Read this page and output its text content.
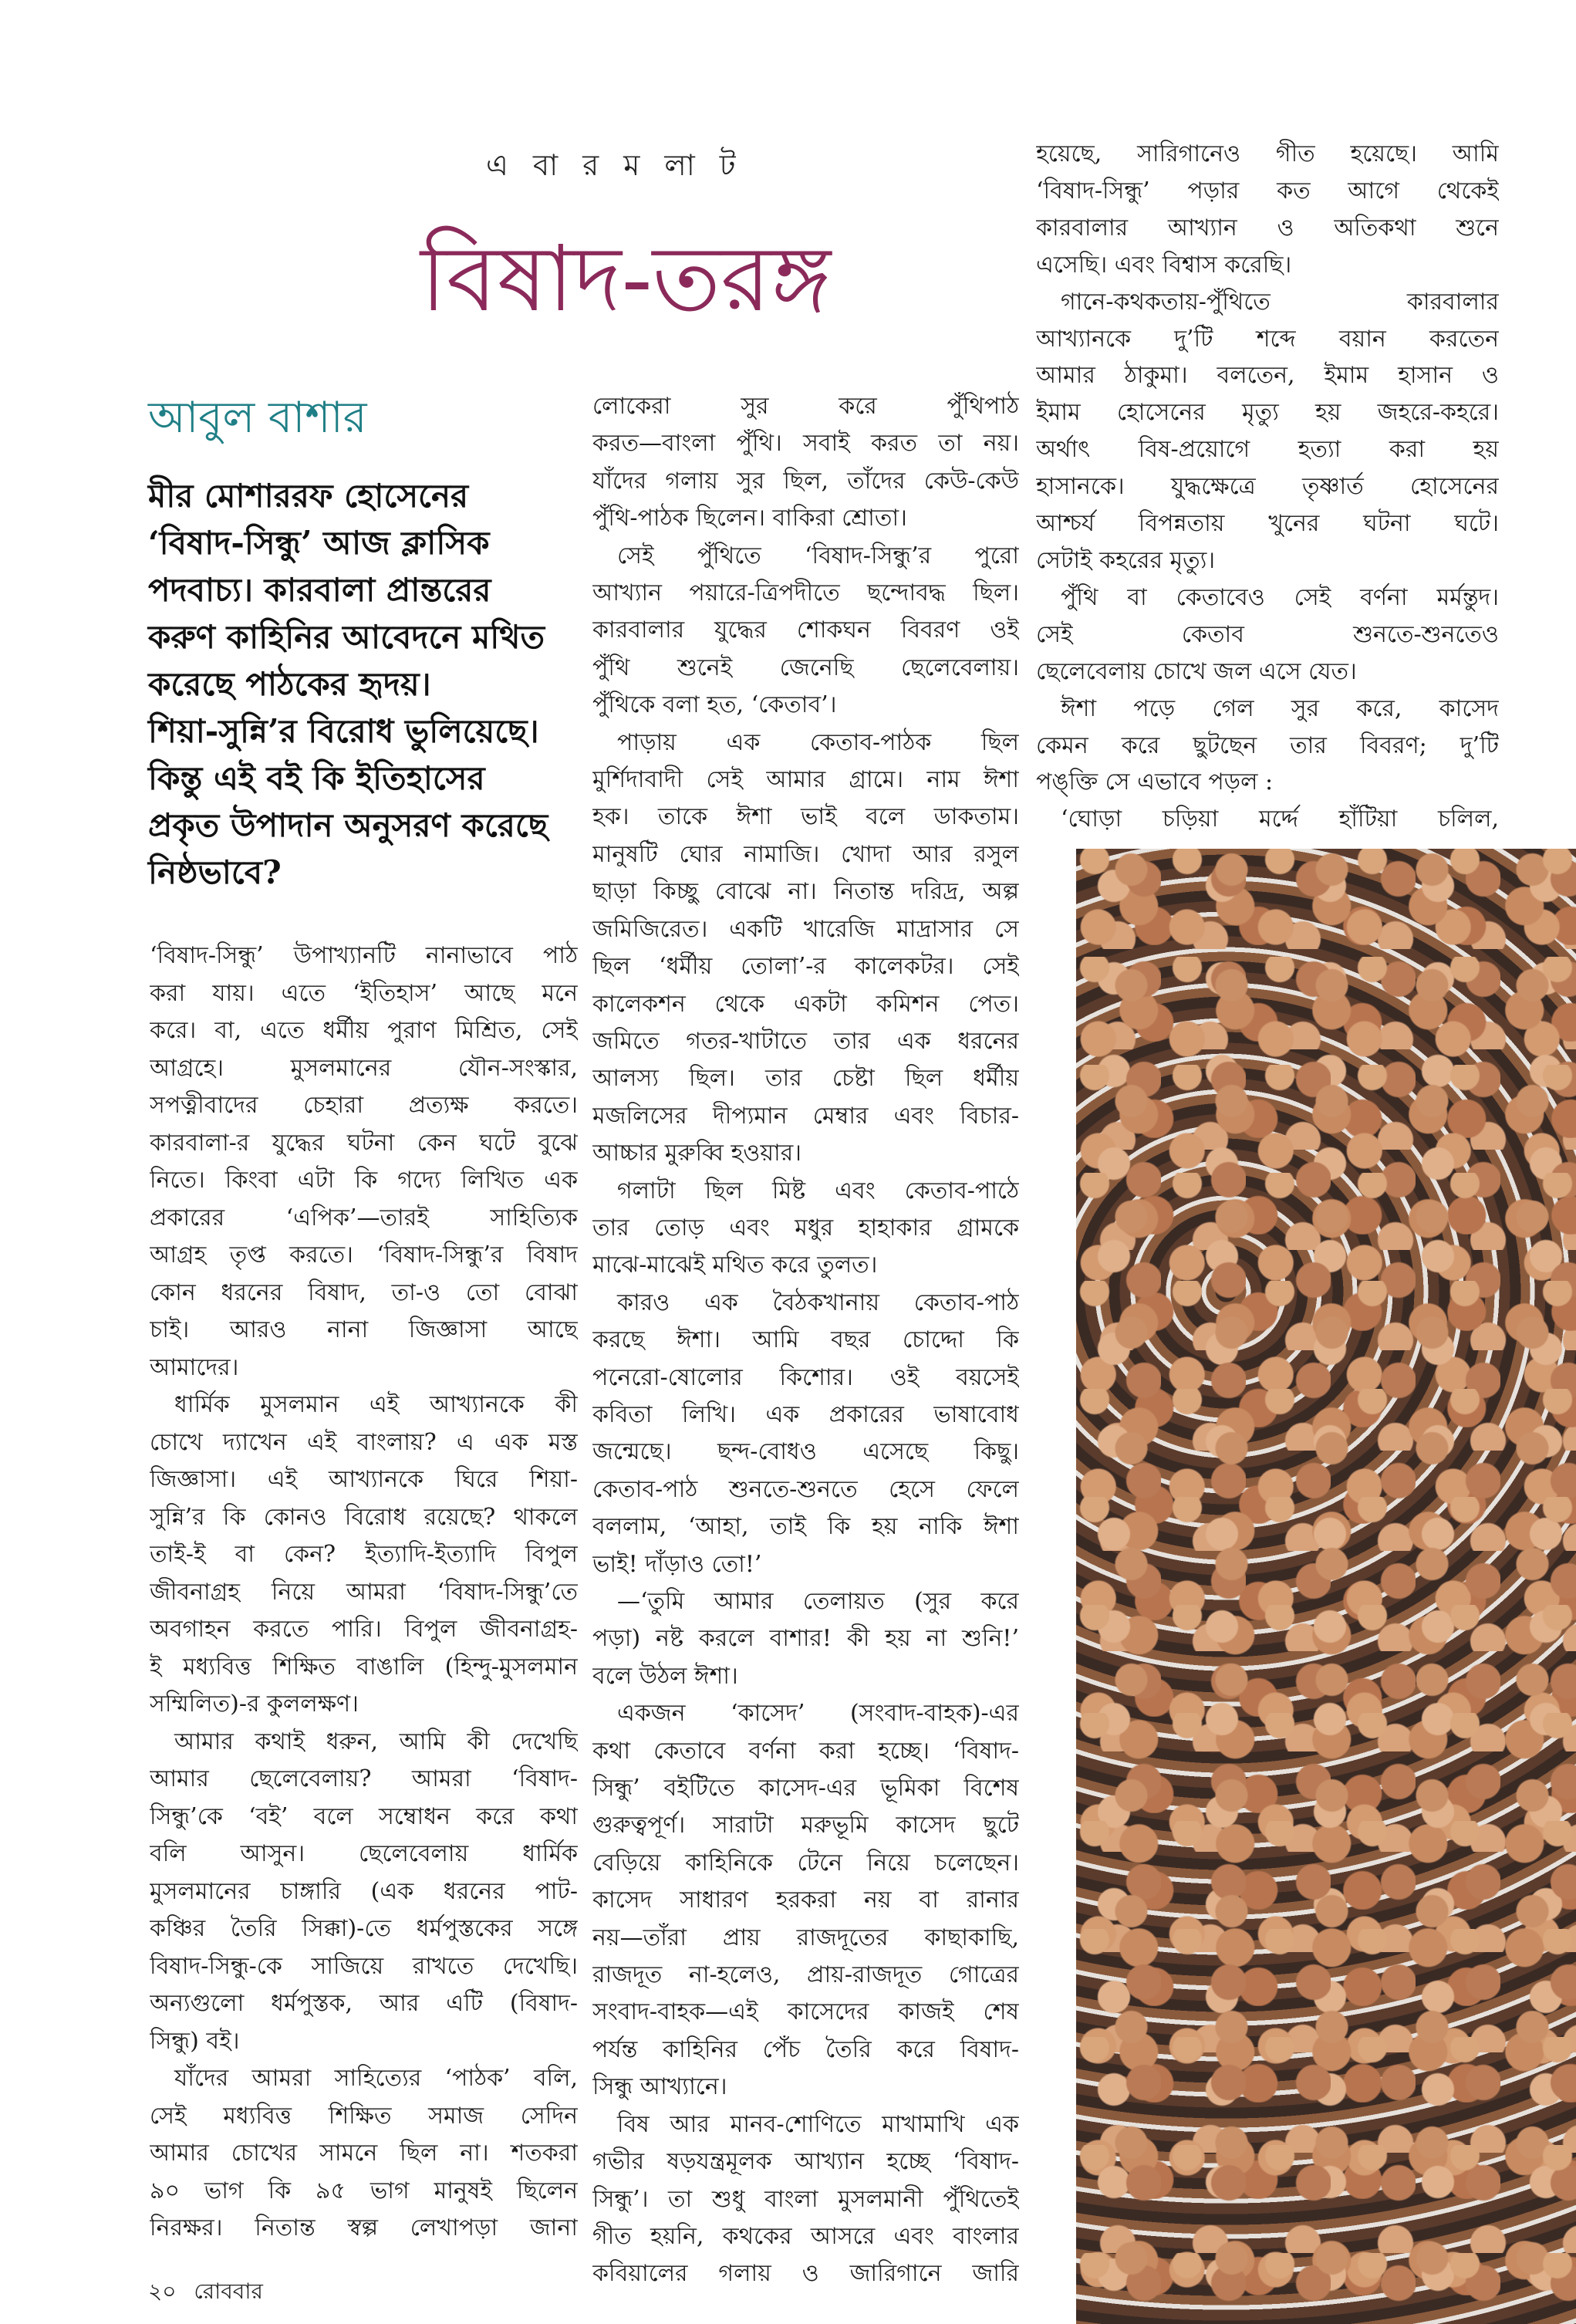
এ বা র ম লা ট
বিষাদ-তরঙ্গ
আবুল বাশার
মীর মোশাররফ হোসেনের
‘বিষাদ-সিন্ধু’ আজ ক্লাসিক
পদবাচ্য। কারবালা প্রান্তরের
করুণ কাহিনির আবেদনে মথিত
করেছে পাঠকের হৃদয়।
শিয়া-সুন্নি’র বিরোধ ভুলিয়েছে।
কিন্তু এই বই কি ইতিহাসের
প্রকৃত উপাদান অনুসরণ করেছে
নিষ্ঠভাবে?
‘বিষাদ-সিন্ধু’ উপাখ্যানটি নানাভাবে পাঠ
করা যায়। এতে ‘ইতিহাস’ আছে মনে
করে। বা, এতে ধর্মীয় পুরাণ মিশ্রিত, সেই
আগ্রহে। মুসলমানের যৌন-সংস্কার,
সপত্নীবাদের চেহারা প্রত্যক্ষ করতে।
কারবালা-র যুদ্ধের ঘটনা কেন ঘটে বুঝে
নিতে। কিংবা এটা কি গদ্যে লিখিত এক
প্রকারের ‘এপিক’—তারই সাহিত্যিক
আগ্রহ তৃপ্ত করতে। ‘বিষাদ-সিন্ধু’র বিষাদ
কোন ধরনের বিষাদ, তা-ও তো বোঝা
চাই। আরও নানা জিজ্ঞাসা আছে
আমাদের।
ধার্মিক মুসলমান এই আখ্যানকে কী
চোখে দ্যাখেন এই বাংলায়? এ এক মস্ত
জিজ্ঞাসা। এই আখ্যানকে ঘিরে শিয়া-
সুন্নি’র কি কোনও বিরোধ রয়েছে? থাকলে
তাই-ই বা কেন? ইত্যাদি-ইত্যাদি বিপুল
জীবনাগ্রহ নিয়ে আমরা ‘বিষাদ-সিন্ধু’তে
অবগাহন করতে পারি। বিপুল জীবনাগ্রহ-
ই মধ্যবিত্ত শিক্ষিত বাঙালি (হিন্দু-মুসলমান
সম্মিলিত)-র কুললক্ষণ।
আমার কথাই ধরুন, আমি কী দেখেছি
আমার ছেলেবেলায়? আমরা ‘বিষাদ-
সিন্ধু’কে ‘বই’ বলে সম্বোধন করে কথা
বলি আসুন। ছেলেবেলায় ধার্মিক
মুসলমানের চাঙ্গারি (এক ধরনের পাট-
কঞ্চির তৈরি সিক্কা)-তে ধর্মপুস্তকের সঙ্গে
বিষাদ-সিন্ধু-কে সাজিয়ে রাখতে দেখেছি।
অন্যগুলো ধর্মপুস্তক, আর এটি (বিষাদ-
সিন্ধু) বই।
যাঁদের আমরা সাহিত্যের ‘পাঠক’ বলি,
সেই মধ্যবিত্ত শিক্ষিত সমাজ সেদিন
আমার চোখের সামনে ছিল না। শতকরা
৯০ ভাগ কি ৯৫ ভাগ মানুষই ছিলেন
নিরক্ষর। নিতান্ত স্বল্প লেখাপড়া জানা
লোকেরা সুর করে পুঁথিপাঠ
করত—বাংলা পুঁথি। সবাই করত তা নয়।
যাঁদের গলায় সুর ছিল, তাঁদের কেউ-কেউ
পুঁথি-পাঠক ছিলেন। বাকিরা শ্রোতা।
সেই পুঁথিতে ‘বিষাদ-সিন্ধু’র পুরো
আখ্যান পয়ারে-ত্রিপদীতে ছন্দোবদ্ধ ছিল।
কারবালার যুদ্ধের শোকঘন বিবরণ ওই
পুঁথি শুনেই জেনেছি ছেলেবেলায়।
পুঁথিকে বলা হত, ‘কেতাব’।
পাড়ায় এক কেতাব-পাঠক ছিল
মুর্শিদাবাদী সেই আমার গ্রামে। নাম ঈশা
হক। তাকে ঈশা ভাই বলে ডাকতাম।
মানুষটি ঘোর নামাজি। খোদা আর রসুল
ছাড়া কিচ্ছু বোঝে না। নিতান্ত দরিদ্র, অল্প
জমিজিরেত। একটি খারেজি মাদ্রাসার সে
ছিল ‘ধর্মীয় তোলা’-র কালেকটর। সেই
কালেকশন থেকে একটা কমিশন পেত।
জমিতে গতর-খাটাতে তার এক ধরনের
আলস্য ছিল। তার চেষ্টা ছিল ধর্মীয়
মজলিসের দীপ্যমান মেম্বার এবং বিচার-
আচ্চার মুরুব্বি হওয়ার।
গলাটা ছিল মিষ্ট এবং কেতাব-পাঠে
তার তোড় এবং মধুর হাহাকার গ্রামকে
মাঝে-মাঝেই মথিত করে তুলত।
কারও এক বৈঠকখানায় কেতাব-পাঠ
করছে ঈশা। আমি বছর চোদ্দো কি
পনেরো-ষোলোর কিশোর। ওই বয়সেই
কবিতা লিখি। এক প্রকারের ভাষাবোধ
জন্মেছে। ছন্দ-বোধও এসেছে কিছু।
কেতাব-পাঠ শুনতে-শুনতে হেসে ফেলে
বললাম, ‘আহা, তাই কি হয় নাকি ঈশা
ভাই! দাঁড়াও তো!’
—‘তুমি আমার তেলায়ত (সুর করে
পড়া) নষ্ট করলে বাশার! কী হয় না শুনি!’
বলে উঠল ঈশা।
একজন ‘কাসেদ’ (সংবাদ-বাহক)-এর
কথা কেতাবে বর্ণনা করা হচ্ছে। ‘বিষাদ-
সিন্ধু’ বইটিতে কাসেদ-এর ভূমিকা বিশেষ
গুরুত্বপূর্ণ। সারাটা মরুভূমি কাসেদ ছুটে
বেড়িয়ে কাহিনিকে টেনে নিয়ে চলেছেন।
কাসেদ সাধারণ হরকরা নয় বা রানার
নয়—তাঁরা প্রায় রাজদূতের কাছাকাছি,
রাজদূত না-হলেও, প্রায়-রাজদূত গোত্রের
সংবাদ-বাহক—এই কাসেদের কাজই শেষ
পর্যন্ত কাহিনির পেঁচ তৈরি করে বিষাদ-
সিন্ধু আখ্যানে।
বিষ আর মানব-শোণিতে মাখামাখি এক
গভীর ষড়যন্ত্রমূলক আখ্যান হচ্ছে ‘বিষাদ-
সিন্ধু’। তা শুধু বাংলা মুসলমানী পুঁথিতেই
গীত হয়নি, কথকের আসরে এবং বাংলার
কবিয়ালের গলায় ও জারিগানে জারি
হয়েছে, সারিগানেও গীত হয়েছে। আমি
‘বিষাদ-সিন্ধু’ পড়ার কত আগে থেকেই
কারবালার আখ্যান ও অতিকথা শুনে
এসেছি। এবং বিশ্বাস করেছি।
গানে-কথকতায়-পুঁথিতে কারবালার
আখ্যানকে দু’টি শব্দে বয়ান করতেন
আমার ঠাকুমা। বলতেন, ইমাম হাসান ও
ইমাম হোসেনের মৃত্যু হয় জহরে-কহরে।
অর্থাৎ বিষ-প্রয়োগে হত্যা করা হয়
হাসানকে। যুদ্ধক্ষেত্রে তৃষ্ণার্ত হোসেনের
আশ্চর্য বিপন্নতায় খুনের ঘটনা ঘটে।
সেটাই কহরের মৃত্যু।
পুঁথি বা কেতাবেও সেই বর্ণনা মর্মন্তুদ।
সেই কেতাব শুনতে-শুনতেও
ছেলেবেলায় চোখে জল এসে যেত।
ঈশা পড়ে গেল সুর করে, কাসেদ
কেমন করে ছুটছেন তার বিবরণ; দু’টি
পঙ্‌ক্তি সে এভাবে পড়ল :
‘ঘোড়া চড়িয়া মর্দ্দে হাঁটিয়া চলিল,
২০ রোববার
